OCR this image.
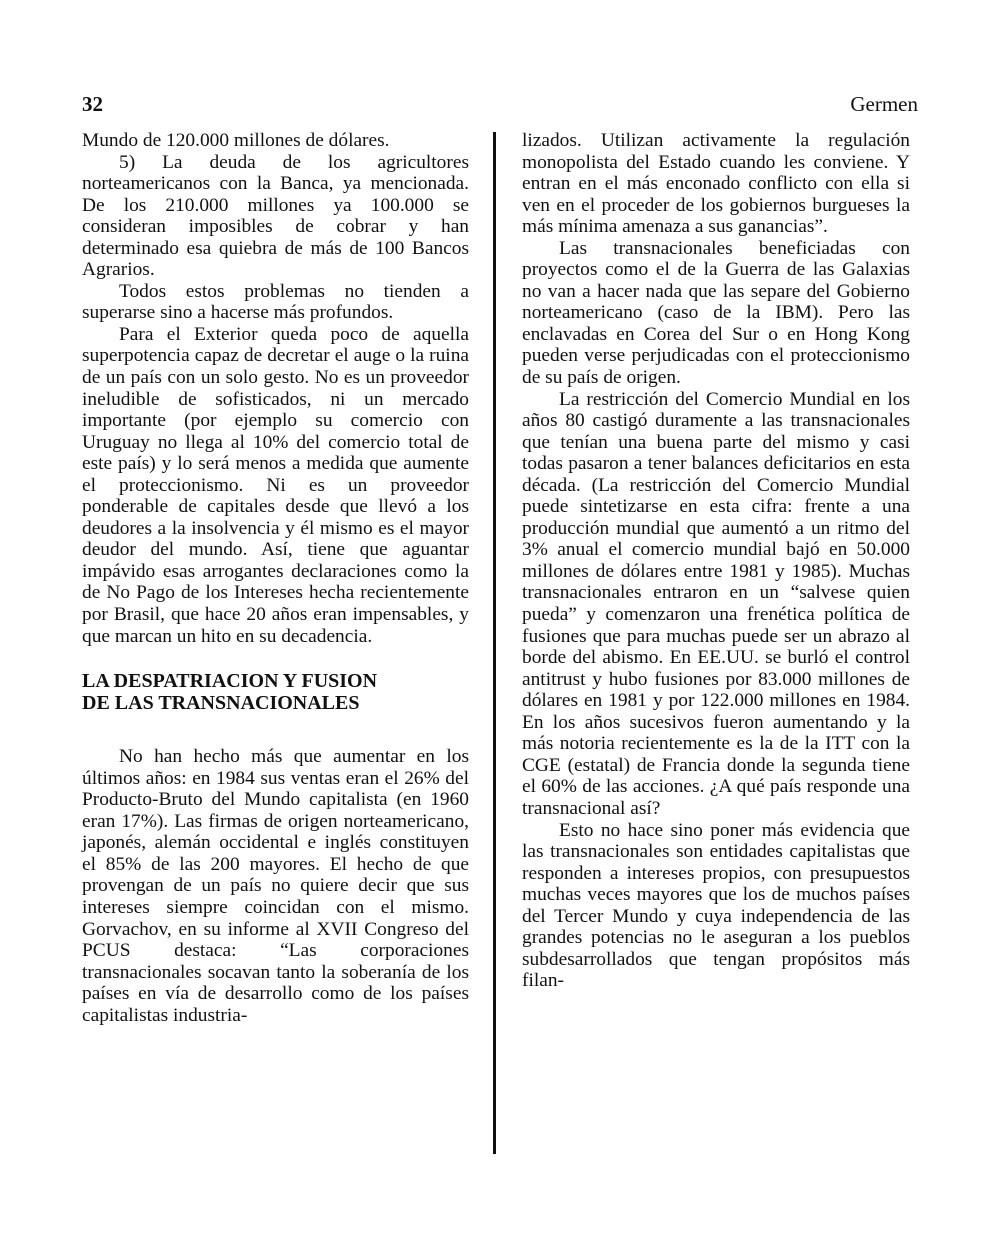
32	Germen

Mundo de 120.000 millones de dólares.

5) La deuda de los agricultores norteamericanos con la Banca, ya mencionada. De los 210.000 millones ya 100.000 se consideran imposibles de cobrar y han determinado esa quiebra de más de 100 Bancos Agrarios.

Todos estos problemas no tienden a superarse sino a hacerse más profundos.

Para el Exterior queda poco de aquella superpotencia capaz de decretar el auge o la ruina de un país con un solo gesto. No es un proveedor ineludible de sofisticados, ni un mercado importante (por ejemplo su comercio con Uruguay no llega al 10% del comercio total de este país) y lo será menos a medida que aumente el proteccionismo. Ni es un proveedor ponderable de capitales desde que llevó a los deudores a la insolvencia y él mismo es el mayor deudor del mundo. Así, tiene que aguantar impávido esas arrogantes declaraciones como la de No Pago de los Intereses hecha recientemente por Brasil, que hace 20 años eran impensables, y que marcan un hito en su decadencia.

LA DESPATRIACION Y FUSION
DE LAS TRANSNACIONALES

No han hecho más que aumentar en los últimos años: en 1984 sus ventas eran el 26% del Producto-Bruto del Mundo capitalista (en 1960 eran 17%). Las firmas de origen norteamericano, japonés, alemán occidental e inglés constituyen el 85% de las 200 mayores. El hecho de que provengan de un país no quiere decir que sus intereses siempre coincidan con el mismo. Gorvachov, en su informe al XVII Congreso del PCUS destaca: “Las corporaciones transnacionales socavan tanto la soberanía de los países en vía de desarrollo como de los países capitalistas industria-

lizados. Utilizan activamente la regulación monopolista del Estado cuando les conviene. Y entran en el más enconado conflicto con ella si ven en el proceder de los gobiernos burgueses la más mínima amenaza a sus ganancias”.

Las transnacionales beneficiadas con proyectos como el de la Guerra de las Galaxias no van a hacer nada que las separe del Gobierno norteamericano (caso de la IBM). Pero las enclavadas en Corea del Sur o en Hong Kong pueden verse perjudicadas con el proteccionismo de su país de origen.

La restricción del Comercio Mundial en los años 80 castigó duramente a las transnacionales que tenían una buena parte del mismo y casi todas pasaron a tener balances deficitarios en esta década. (La restricción del Comercio Mundial puede sintetizarse en esta cifra: frente a una producción mundial que aumentó a un ritmo del 3% anual el comercio mundial bajó en 50.000 millones de dólares entre 1981 y 1985). Muchas transnacionales entraron en un “salvese quien pueda” y comenzaron una frenética política de fusiones que para muchas puede ser un abrazo al borde del abismo. En EE.UU. se burló el control antitrust y hubo fusiones por 83.000 millones de dólares en 1981 y por 122.000 millones en 1984. En los años sucesivos fueron aumentando y la más notoria recientemente es la de la ITT con la CGE (estatal) de Francia donde la segunda tiene el 60% de las acciones. ¿A qué país responde una transnacional así?

Esto no hace sino poner más evidencia que las transnacionales son entidades capitalistas que responden a intereses propios, con presupuestos muchas veces mayores que los de muchos países del Tercer Mundo y cuya independencia de las grandes potencias no le aseguran a los pueblos subdesarrollados que tengan propósitos más filan-
